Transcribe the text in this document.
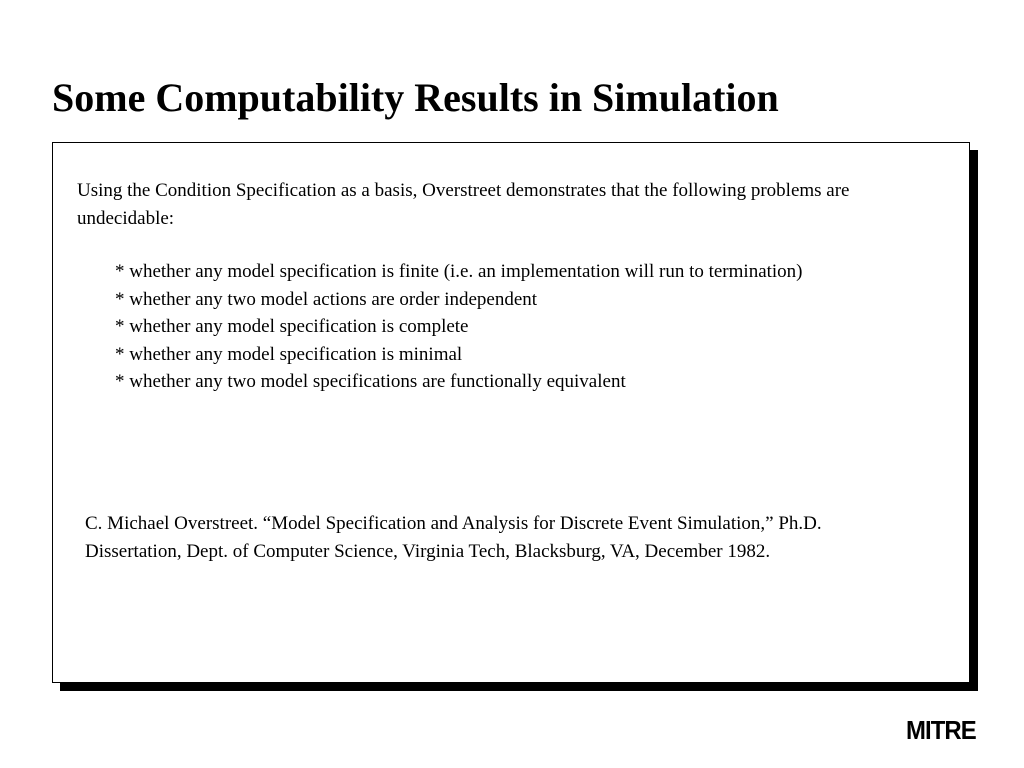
Some Computability Results in Simulation

Using the Condition Specification as a basis, Overstreet demonstrates that the following problems are undecidable:

* whether any model specification is finite (i.e. an implementation will run to termination)
* whether any two model actions are order independent
* whether any model specification is complete
* whether any model specification is minimal
* whether any two model specifications are functionally equivalent

C. Michael Overstreet. “Model Specification and Analysis for Discrete Event Simulation,” Ph.D. Dissertation, Dept. of Computer Science, Virginia Tech, Blacksburg, VA, December 1982.

MITRE
